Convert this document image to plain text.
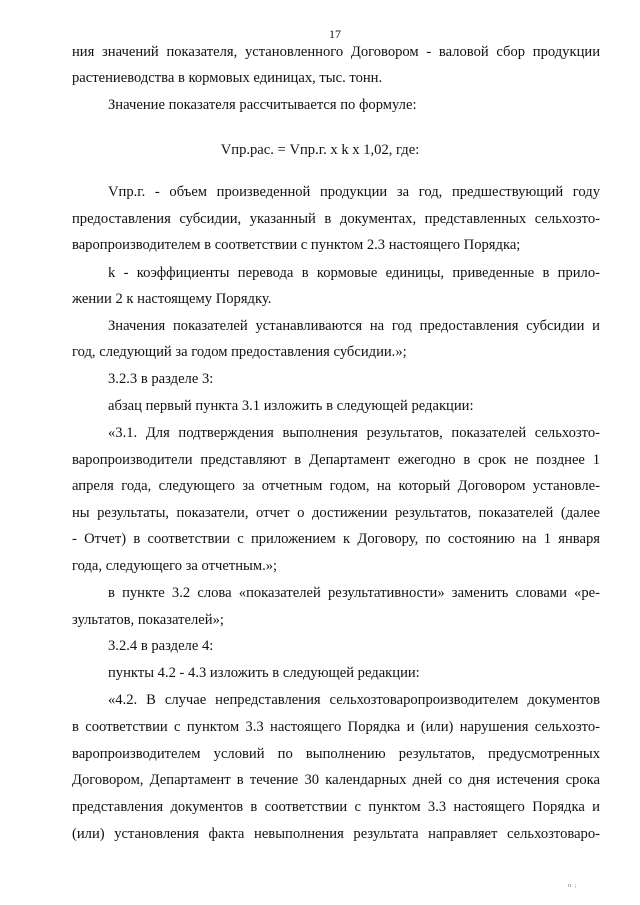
17
ния значений показателя, установленного Договором - валовой сбор продукции
растениеводства в кормовых единицах, тыс. тонн.
Значение показателя рассчитывается по формуле:
Vпр.рас. = Vпр.г. x k x 1,02, где:
Vпр.г. - объем произведенной продукции за год, предшествующий году
предоставления субсидии, указанный в документах, представленных сельхозто-
варопроизводителем в соответствии с пунктом 2.3 настоящего Порядка;
k - коэффициенты перевода в кормовые единицы, приведенные в прило-
жении 2 к настоящему Порядку.
Значения показателей устанавливаются на год предоставления субсидии и
год, следующий за годом предоставления субсидии.»;
3.2.3 в разделе 3:
абзац первый пункта 3.1 изложить в следующей редакции:
«3.1. Для подтверждения выполнения результатов, показателей сельхозто-
варопроизводители представляют в Департамент ежегодно в срок не позднее 1
апреля года, следующего за отчетным годом, на который Договором установле-
ны результаты, показатели, отчет о достижении результатов, показателей (далее
- Отчет) в соответствии с приложением к Договору, по состоянию на 1 января
года, следующего за отчетным.»;
в пункте 3.2 слова «показателей результативности» заменить словами «ре-
зультатов, показателей»;
3.2.4 в разделе 4:
пункты 4.2 - 4.3 изложить в следующей редакции:
«4.2. В случае непредставления сельхозтоваропроизводителем документов
в соответствии с пунктом 3.3 настоящего Порядка и (или) нарушения сельхозто-
варопроизводителем условий по выполнению результатов, предусмотренных
Договором, Департамент в течение 30 календарных дней со дня истечения срока
представления документов в соответствии с пунктом 3.3 настоящего Порядка и
(или) установления факта невыполнения результата направляет сельхозтоваро-
п ;
